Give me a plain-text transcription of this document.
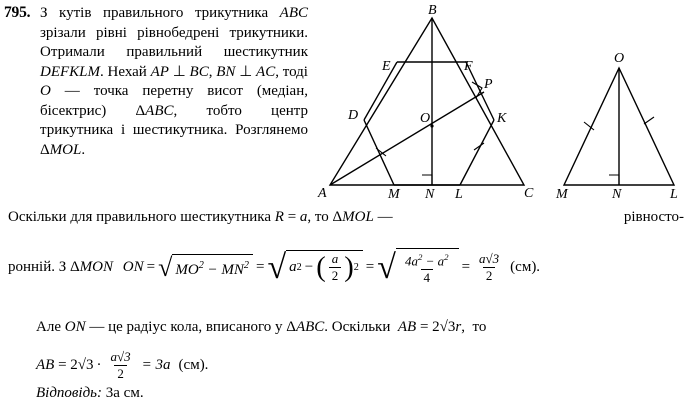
795. З кутів правильного трикутника ABC зрізали рівні рівнобедрені трикутники. Отримали правильний шестикутник DEFKLM. Нехай AP ⊥ BC, BN ⊥ AC, тоді O — точка перетну висот (медіан, бісектрис) ΔABC, тобто центр трикутника і шестикутника. Розглянемо ΔMOL.
B
E	F
P
D	O	K
A	M N L	C
O
M	N	L
рівносто-
Оскільки для правильного шестикутника R = a, то ΔMOL —
ронній. З Δ MON
ON = √ $MO^2 - MN^2$ = √ a 2 − ( $\frac{a}{2}$ ) 2 = √ $\frac{4a^2 - a^2}{4} = \frac{a√3}{2} (см)$.
Але ON — це радіус кола, вписаного у ΔABC. Оскільки  AB = 2√3r,  то
AB = $2√3 \cdot \frac{a√3}{2} = 3a$ (см).
Відповідь: 3a см.
